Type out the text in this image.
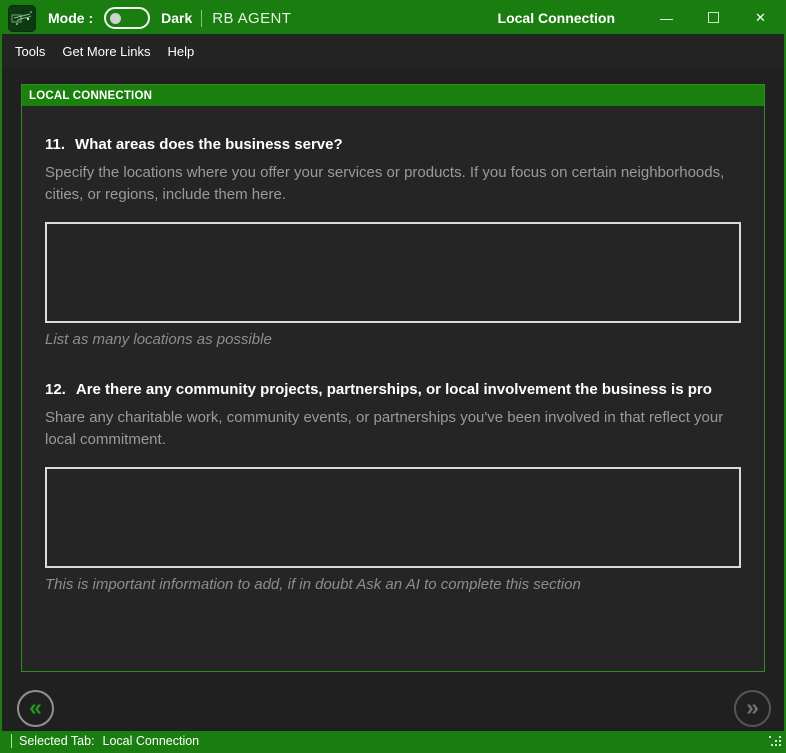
Mode :	Dark RB AGENT	Local Connection	—	☐	✕
Tools	Get More Links	Help
LOCAL CONNECTION

11. What areas does the business serve?

Specify the locations where you offer your services or products. If you focus on certain neighborhoods, cities, or regions, include them here.

List as many locations as possible

12. Are there any community projects, partnerships, or local involvement the business is pro

Share any charitable work, community events, or partnerships you've been involved in that reflect your local commitment.

This is important information to add, if in doubt Ask an AI to complete this section

«	»
Selected Tab: Local Connection
